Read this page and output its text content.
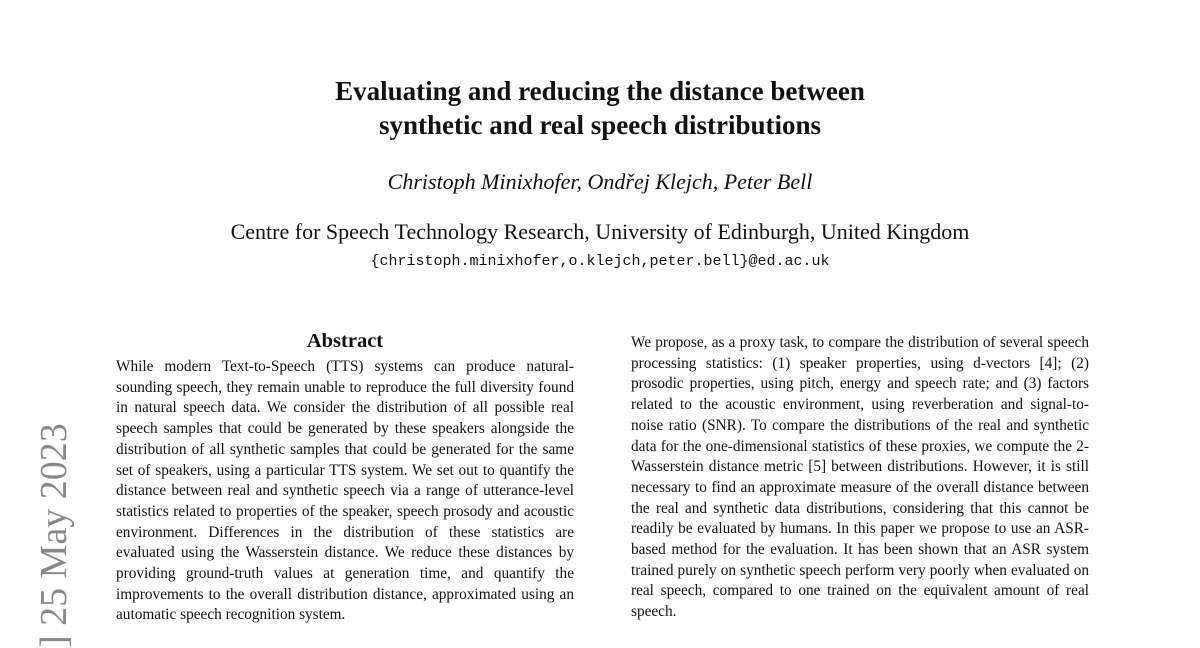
] 25 May 2023
Evaluating and reducing the distance between
synthetic and real speech distributions
Christoph Minixhofer, Ondřej Klejch, Peter Bell
Centre for Speech Technology Research, University of Edinburgh, United Kingdom
{christoph.minixhofer,o.klejch,peter.bell}@ed.ac.uk
Abstract

While modern Text-to-Speech (TTS) systems can produce natural-sounding speech, they remain unable to reproduce the full diversity found in natural speech data. We consider the distribution of all possible real speech samples that could be generated by these speakers alongside the distribution of all synthetic samples that could be generated for the same set of speakers, using a particular TTS system. We set out to quantify the distance between real and synthetic speech via a range of utterance-level statistics related to properties of the speaker, speech prosody and acoustic environment. Differences in the distribution of these statistics are evaluated using the Wasserstein distance. We reduce these distances by providing ground-truth values at generation time, and quantify the improvements to the overall distribution distance, approximated using an automatic speech recognition system.

We propose, as a proxy task, to compare the distribution of several speech processing statistics: (1) speaker properties, using d-vectors [4]; (2) prosodic properties, using pitch, energy and speech rate; and (3) factors related to the acoustic environment, using reverberation and signal-to-noise ratio (SNR). To compare the distributions of the real and synthetic data for the one-dimensional statistics of these proxies, we compute the 2-Wasserstein distance metric [5] between distributions. However, it is still necessary to find an approximate measure of the overall distance between the real and synthetic data distributions, considering that this cannot be readily be evaluated by humans. In this paper we propose to use an ASR-based method for the evaluation. It has been shown that an ASR system trained purely on synthetic speech perform very poorly when evaluated on real speech, compared to one trained on the equivalent amount of real speech.
